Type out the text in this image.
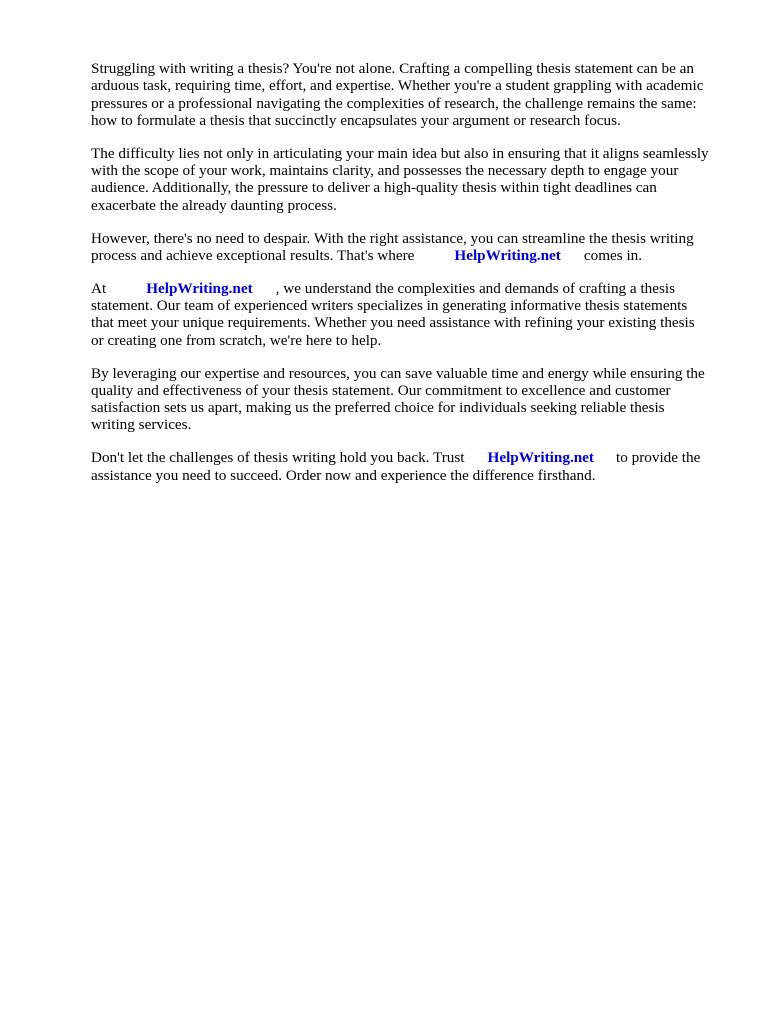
Struggling with writing a thesis? You're not alone. Crafting a compelling thesis statement can be an
arduous task, requiring time, effort, and expertise. Whether you're a student grappling with academic
pressures or a professional navigating the complexities of research, the challenge remains the same:
how to formulate a thesis that succinctly encapsulates your argument or research focus.

The difficulty lies not only in articulating your main idea but also in ensuring that it aligns seamlessly
with the scope of your work, maintains clarity, and possesses the necessary depth to engage your
audience. Additionally, the pressure to deliver a high-quality thesis within tight deadlines can
exacerbate the already daunting process.

However, there's no need to despair. With the right assistance, you can streamline the thesis writing
process and achieve exceptional results. That's where	HelpWriting.net comes in.

At	HelpWriting.net , we understand the complexities and demands of crafting a thesis
statement. Our team of experienced writers specializes in generating informative thesis statements
that meet your unique requirements. Whether you need assistance with refining your existing thesis
or creating one from scratch, we're here to help.

By leveraging our expertise and resources, you can save valuable time and energy while ensuring the
quality and effectiveness of your thesis statement. Our commitment to excellence and customer
satisfaction sets us apart, making us the preferred choice for individuals seeking reliable thesis
writing services.

Don't let the challenges of thesis writing hold you back. Trust HelpWriting.net to provide the
assistance you need to succeed. Order now and experience the difference firsthand.
